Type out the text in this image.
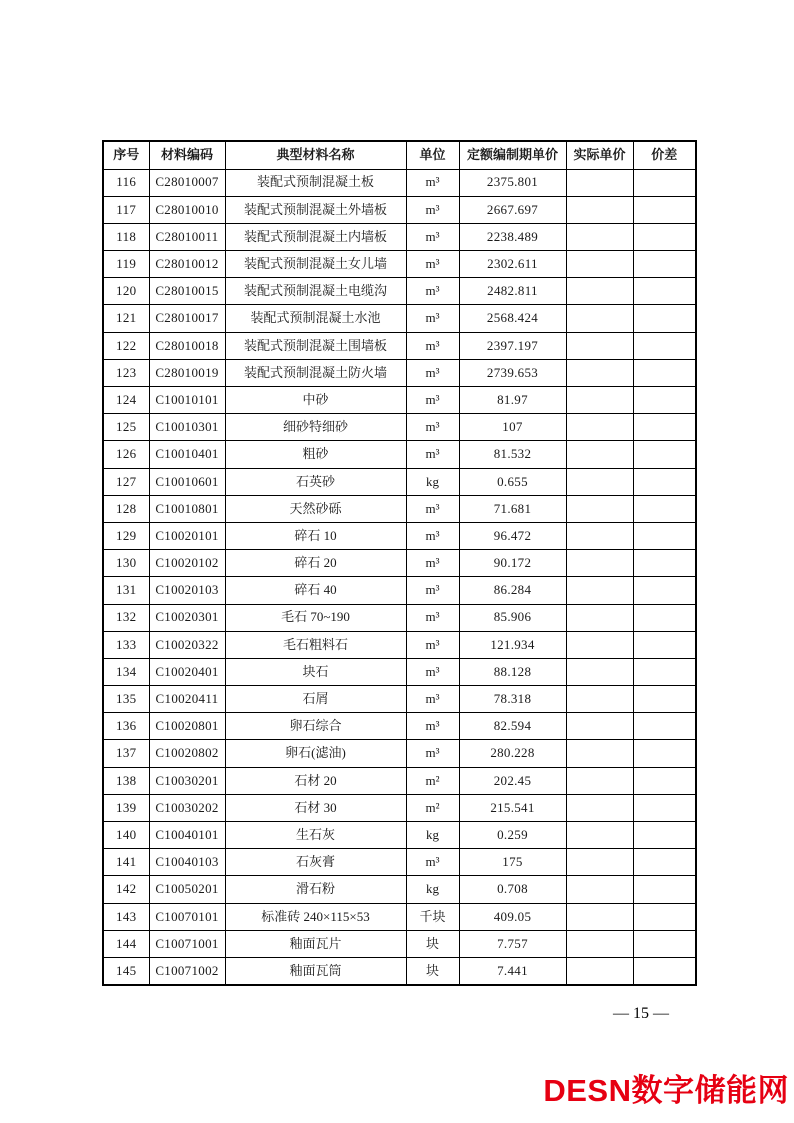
序号	材料编码	典型材料名称	单位	定额编制期单价	实际单价	价差
116	C28010007	装配式预制混凝土板	m³	2375.801		
117	C28010010	装配式预制混凝土外墙板	m³	2667.697		
118	C28010011	装配式预制混凝土内墙板	m³	2238.489		
119	C28010012	装配式预制混凝土女儿墙	m³	2302.611		
120	C28010015	装配式预制混凝土电缆沟	m³	2482.811		
121	C28010017	装配式预制混凝土水池	m³	2568.424		
122	C28010018	装配式预制混凝土围墙板	m³	2397.197		
123	C28010019	装配式预制混凝土防火墙	m³	2739.653		
124	C10010101	中砂	m³	81.97		
125	C10010301	细砂特细砂	m³	107		
126	C10010401	粗砂	m³	81.532		
127	C10010601	石英砂	kg	0.655		
128	C10010801	天然砂砾	m³	71.681		
129	C10020101	碎石 10	m³	96.472		
130	C10020102	碎石 20	m³	90.172		
131	C10020103	碎石 40	m³	86.284		
132	C10020301	毛石 70~190	m³	85.906		
133	C10020322	毛石粗料石	m³	121.934		
134	C10020401	块石	m³	88.128		
135	C10020411	石屑	m³	78.318		
136	C10020801	卵石综合	m³	82.594		
137	C10020802	卵石(滤油)	m³	280.228		
138	C10030201	石材 20	m²	202.45		
139	C10030202	石材 30	m²	215.541		
140	C10040101	生石灰	kg	0.259		
141	C10040103	石灰膏	m³	175		
142	C10050201	滑石粉	kg	0.708		
143	C10070101	标准砖 240×115×53	千块	409.05		
144	C10071001	釉面瓦片	块	7.757		
145	C10071002	釉面瓦筒	块	7.441		
— 15 —
DESN数字储能网
